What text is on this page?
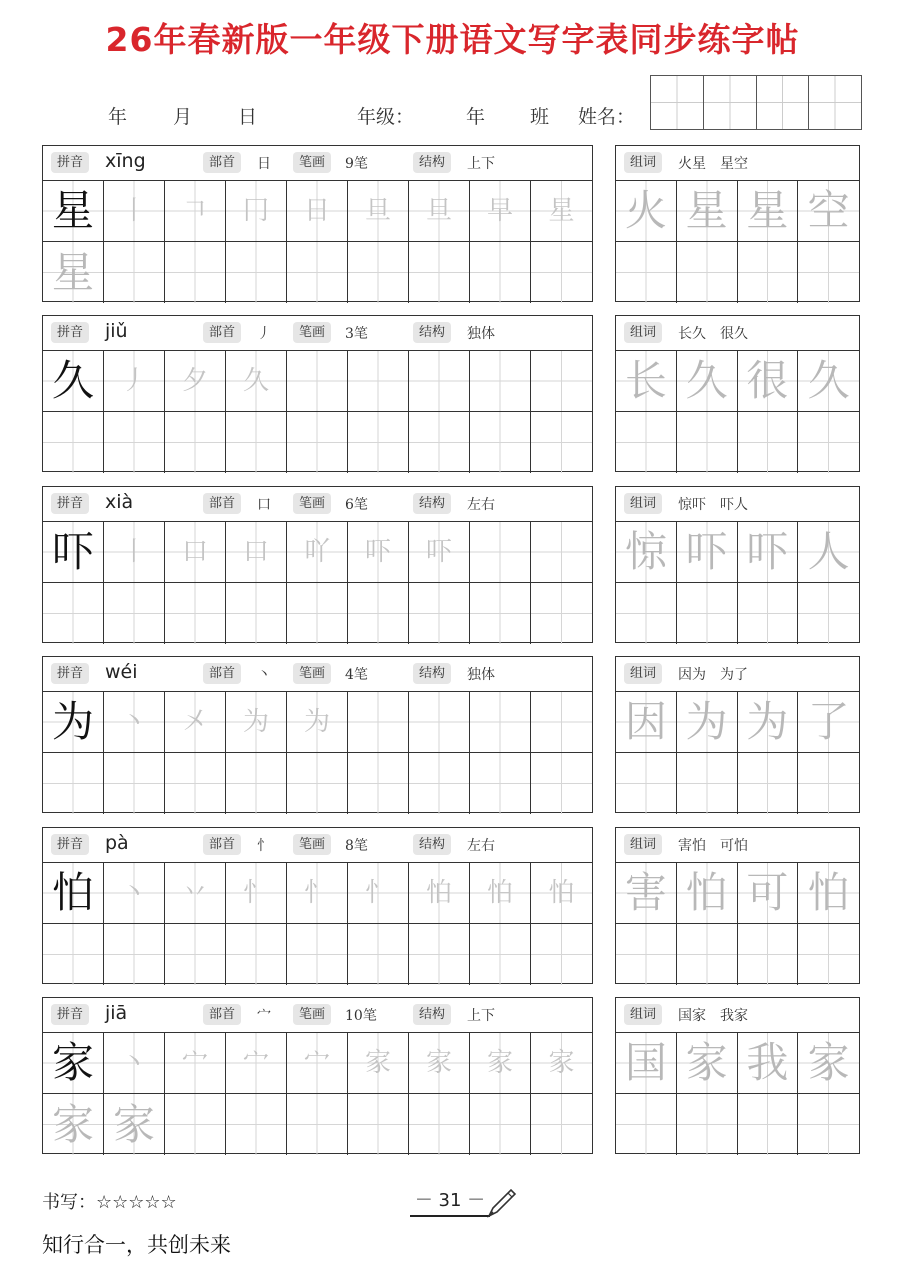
26年春新版一年级下册语文写字表同步练字帖
年 月 日	年级：	年 班 姓名：
拼音	xīng	部首	日	笔画	9笔	结构	上下
星 丨 𠃍 冂 日 旦 旦 早 星
星
组词	火星　星空
火 星 星 空
拼音	jiǔ	部首	丿	笔画	3笔	结构	独体
久 丿 夕 久
组词	长久　很久
长 久 很 久
拼音	xià	部首	口	笔画	6笔	结构	左右
吓 丨 口 口 吖 吓 吓
组词	惊吓　吓人
惊 吓 吓 人
拼音	wéi	部首	丶	笔画	4笔	结构	独体
为 丶 㐅 为 为
组词	因为　为了
因 为 为 了
拼音	pà	部首	忄	笔画	8笔	结构	左右
怕 丶 丷 忄 忄 忄 怕 怕 怕
组词	害怕　可怕
害 怕 可 怕
拼音	jiā	部首	宀	笔画	10笔	结构	上下
家 丶 宀 宀 宀 家 家 家 家
家 家
组词	国家　我家
国 家 我 家
书写：☆☆☆☆☆	－ 31 －
知行合一，共创未来
